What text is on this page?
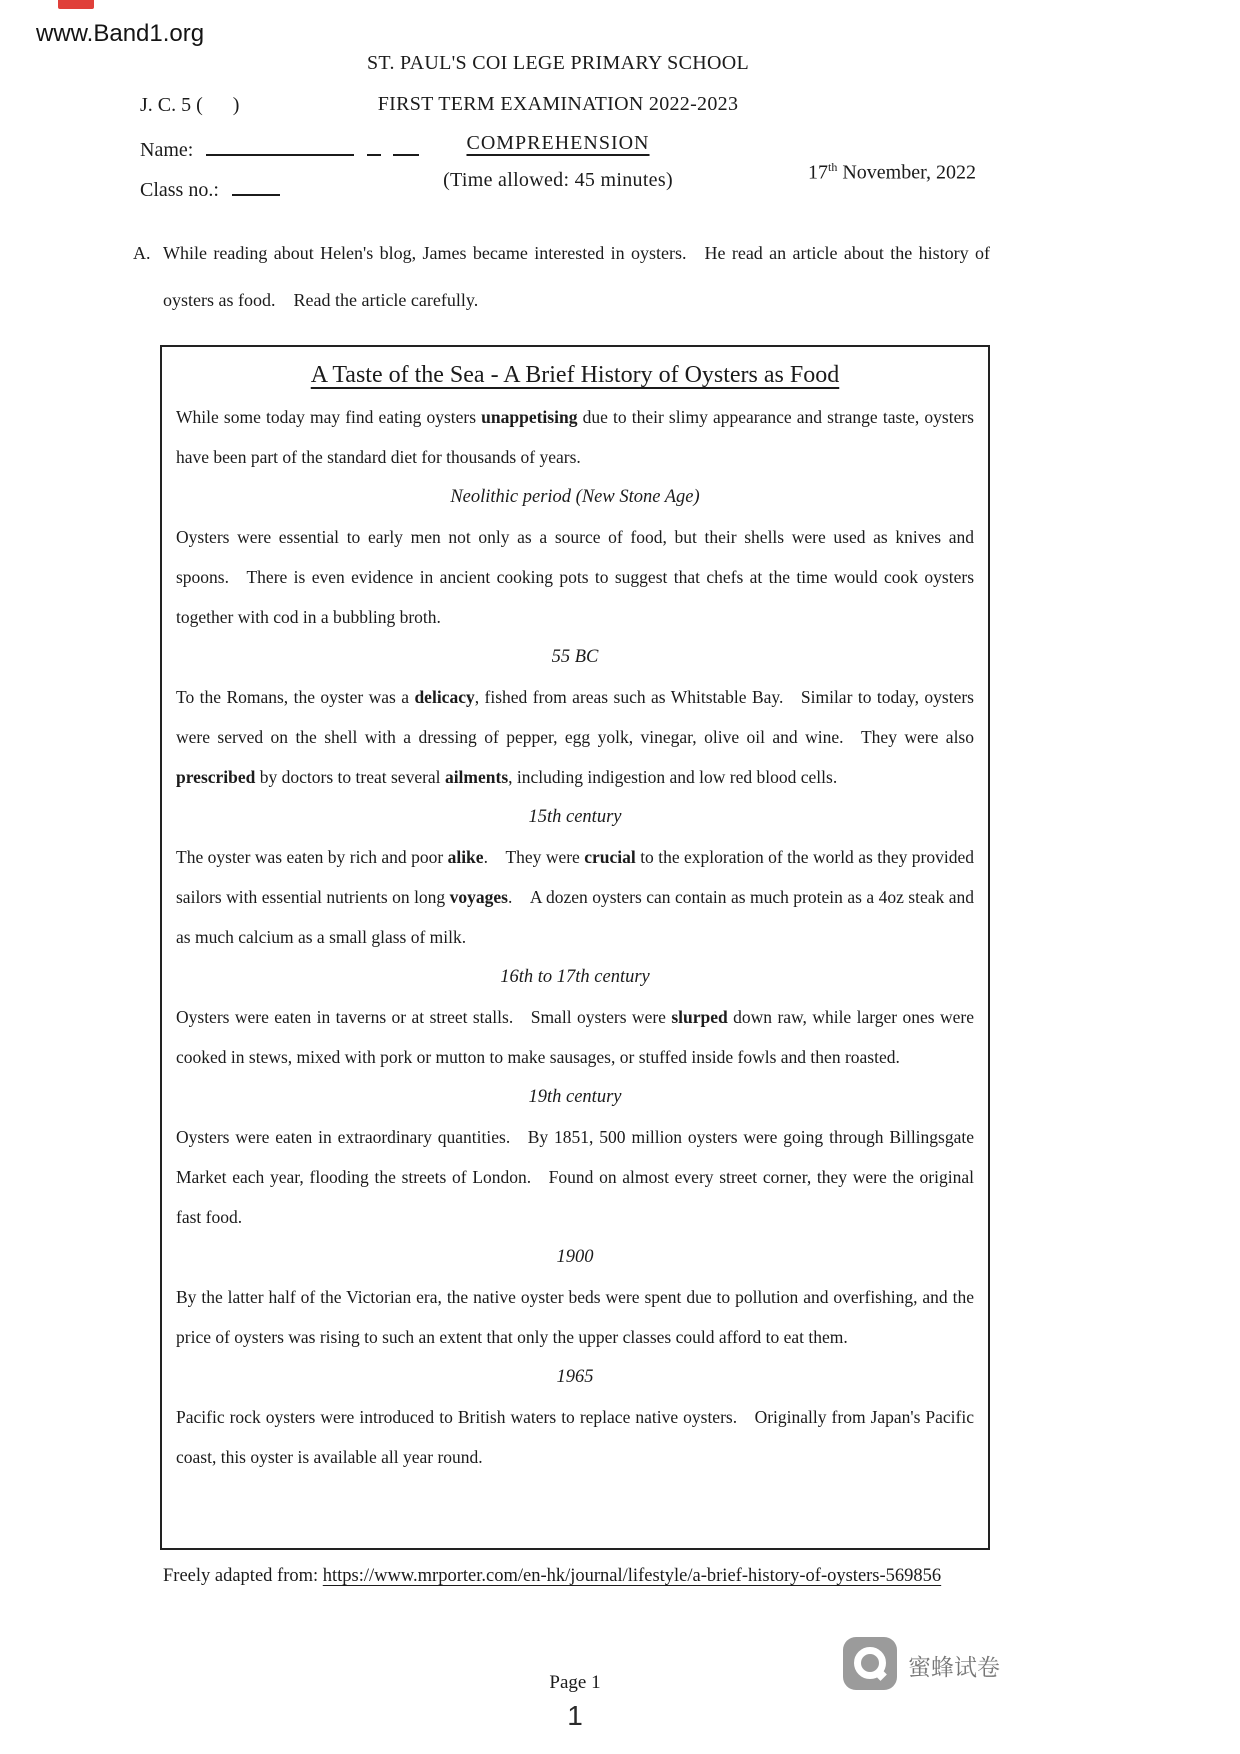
www.Band1.org
ST. PAUL'S COI LEGE PRIMARY SCHOOL
FIRST TERM EXAMINATION 2022-2023
COMPREHENSION
(Time allowed: 45 minutes)
J. C. 5 (  )
Name:
Class no.:
17th November, 2022
A. While reading about Helen's blog, James became interested in oysters. He read an article about the history of oysters as food. Read the article carefully.
A Taste of the Sea - A Brief History of Oysters as Food

While some today may find eating oysters unappetising due to their slimy appearance and strange taste, oysters have been part of the standard diet for thousands of years.

Neolithic period (New Stone Age)

Oysters were essential to early men not only as a source of food, but their shells were used as knives and spoons. There is even evidence in ancient cooking pots to suggest that chefs at the time would cook oysters together with cod in a bubbling broth.

55 BC

To the Romans, the oyster was a delicacy, fished from areas such as Whitstable Bay. Similar to today, oysters were served on the shell with a dressing of pepper, egg yolk, vinegar, olive oil and wine. They were also prescribed by doctors to treat several ailments, including indigestion and low red blood cells.

15th century

The oyster was eaten by rich and poor alike. They were crucial to the exploration of the world as they provided sailors with essential nutrients on long voyages. A dozen oysters can contain as much protein as a 4oz steak and as much calcium as a small glass of milk.

16th to 17th century

Oysters were eaten in taverns or at street stalls. Small oysters were slurped down raw, while larger ones were cooked in stews, mixed with pork or mutton to make sausages, or stuffed inside fowls and then roasted.

19th century

Oysters were eaten in extraordinary quantities. By 1851, 500 million oysters were going through Billingsgate Market each year, flooding the streets of London. Found on almost every street corner, they were the original fast food.

1900

By the latter half of the Victorian era, the native oyster beds were spent due to pollution and overfishing, and the price of oysters was rising to such an extent that only the upper classes could afford to eat them.

1965

Pacific rock oysters were introduced to British waters to replace native oysters. Originally from Japan's Pacific coast, this oyster is available all year round.

Freely adapted from: https://www.mrporter.com/en-hk/journal/lifestyle/a-brief-history-of-oysters-569856
蜜蜂试卷
Page 1
1
